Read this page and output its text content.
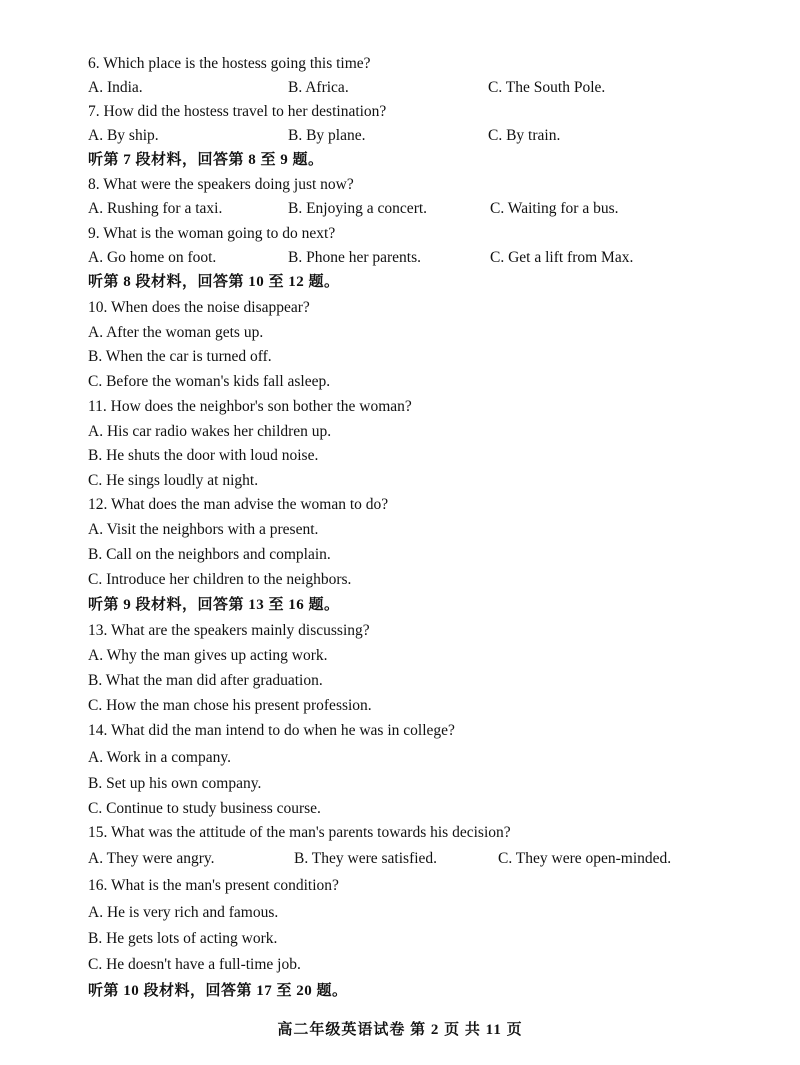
6. Which place is the hostess going this time?
A. India.	B. Africa.	C. The South Pole.
7. How did the hostess travel to her destination?
A. By ship.	B. By plane.	C. By train.
听第 7 段材料，回答第 8 至 9 题。
8. What were the speakers doing just now?
A. Rushing for a taxi.	B. Enjoying a concert.	C. Waiting for a bus.
9. What is the woman going to do next?
A. Go home on foot.	B. Phone her parents.	C. Get a lift from Max.
听第 8 段材料，回答第 10 至 12 题。
10. When does the noise disappear?
A. After the woman gets up.
B. When the car is turned off.
C. Before the woman's kids fall asleep.
11. How does the neighbor's son bother the woman?
A. His car radio wakes her children up.
B. He shuts the door with loud noise.
C. He sings loudly at night.
12. What does the man advise the woman to do?
A. Visit the neighbors with a present.
B. Call on the neighbors and complain.
C. Introduce her children to the neighbors.
听第 9 段材料，回答第 13 至 16 题。
13. What are the speakers mainly discussing?
A. Why the man gives up acting work.
B. What the man did after graduation.
C. How the man chose his present profession.
14. What did the man intend to do when he was in college?
A. Work in a company.
B. Set up his own company.
C. Continue to study business course.
15. What was the attitude of the man's parents towards his decision?
A. They were angry.	B. They were satisfied.	C. They were open-minded.
16. What is the man's present condition?
A. He is very rich and famous.
B. He gets lots of acting work.
C. He doesn't have a full-time job.
听第 10 段材料，回答第 17 至 20 题。
高二年级英语试卷 第 2 页 共 11 页
